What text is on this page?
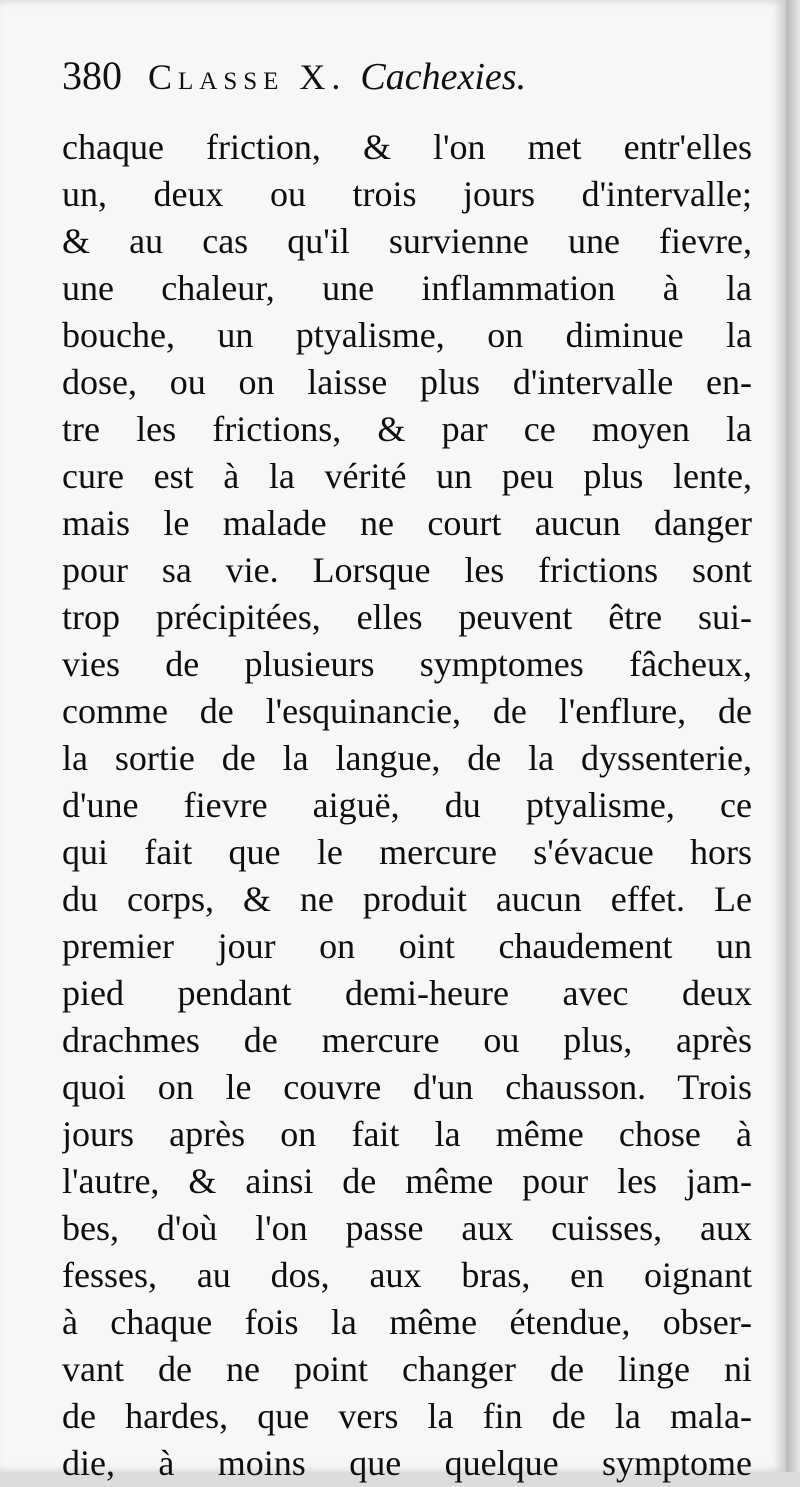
380 Classe X. Cachexies.
chaque friction, & l'on met entr'elles
un, deux ou trois jours d'intervalle;
& au cas qu'il survienne une fievre,
une chaleur, une inflammation à la
bouche, un ptyalisme, on diminue la
dose, ou on laisse plus d'intervalle en-
tre les frictions, & par ce moyen la
cure est à la vérité un peu plus lente,
mais le malade ne court aucun danger
pour sa vie. Lorsque les frictions sont
trop précipitées, elles peuvent être sui-
vies de plusieurs symptomes fâcheux,
comme de l'esquinancie, de l'enflure, de
la sortie de la langue, de la dyssenterie,
d'une fievre aiguë, du ptyalisme, ce
qui fait que le mercure s'évacue hors
du corps, & ne produit aucun effet. Le
premier jour on oint chaudement un
pied pendant demi-heure avec deux
drachmes de mercure ou plus, après
quoi on le couvre d'un chausson. Trois
jours après on fait la même chose à
l'autre, & ainsi de même pour les jam-
bes, d'où l'on passe aux cuisses, aux
fesses, au dos, aux bras, en oignant
à chaque fois la même étendue, obser-
vant de ne point changer de linge ni
de hardes, que vers la fin de la mala-
die, à moins que quelque symptome
